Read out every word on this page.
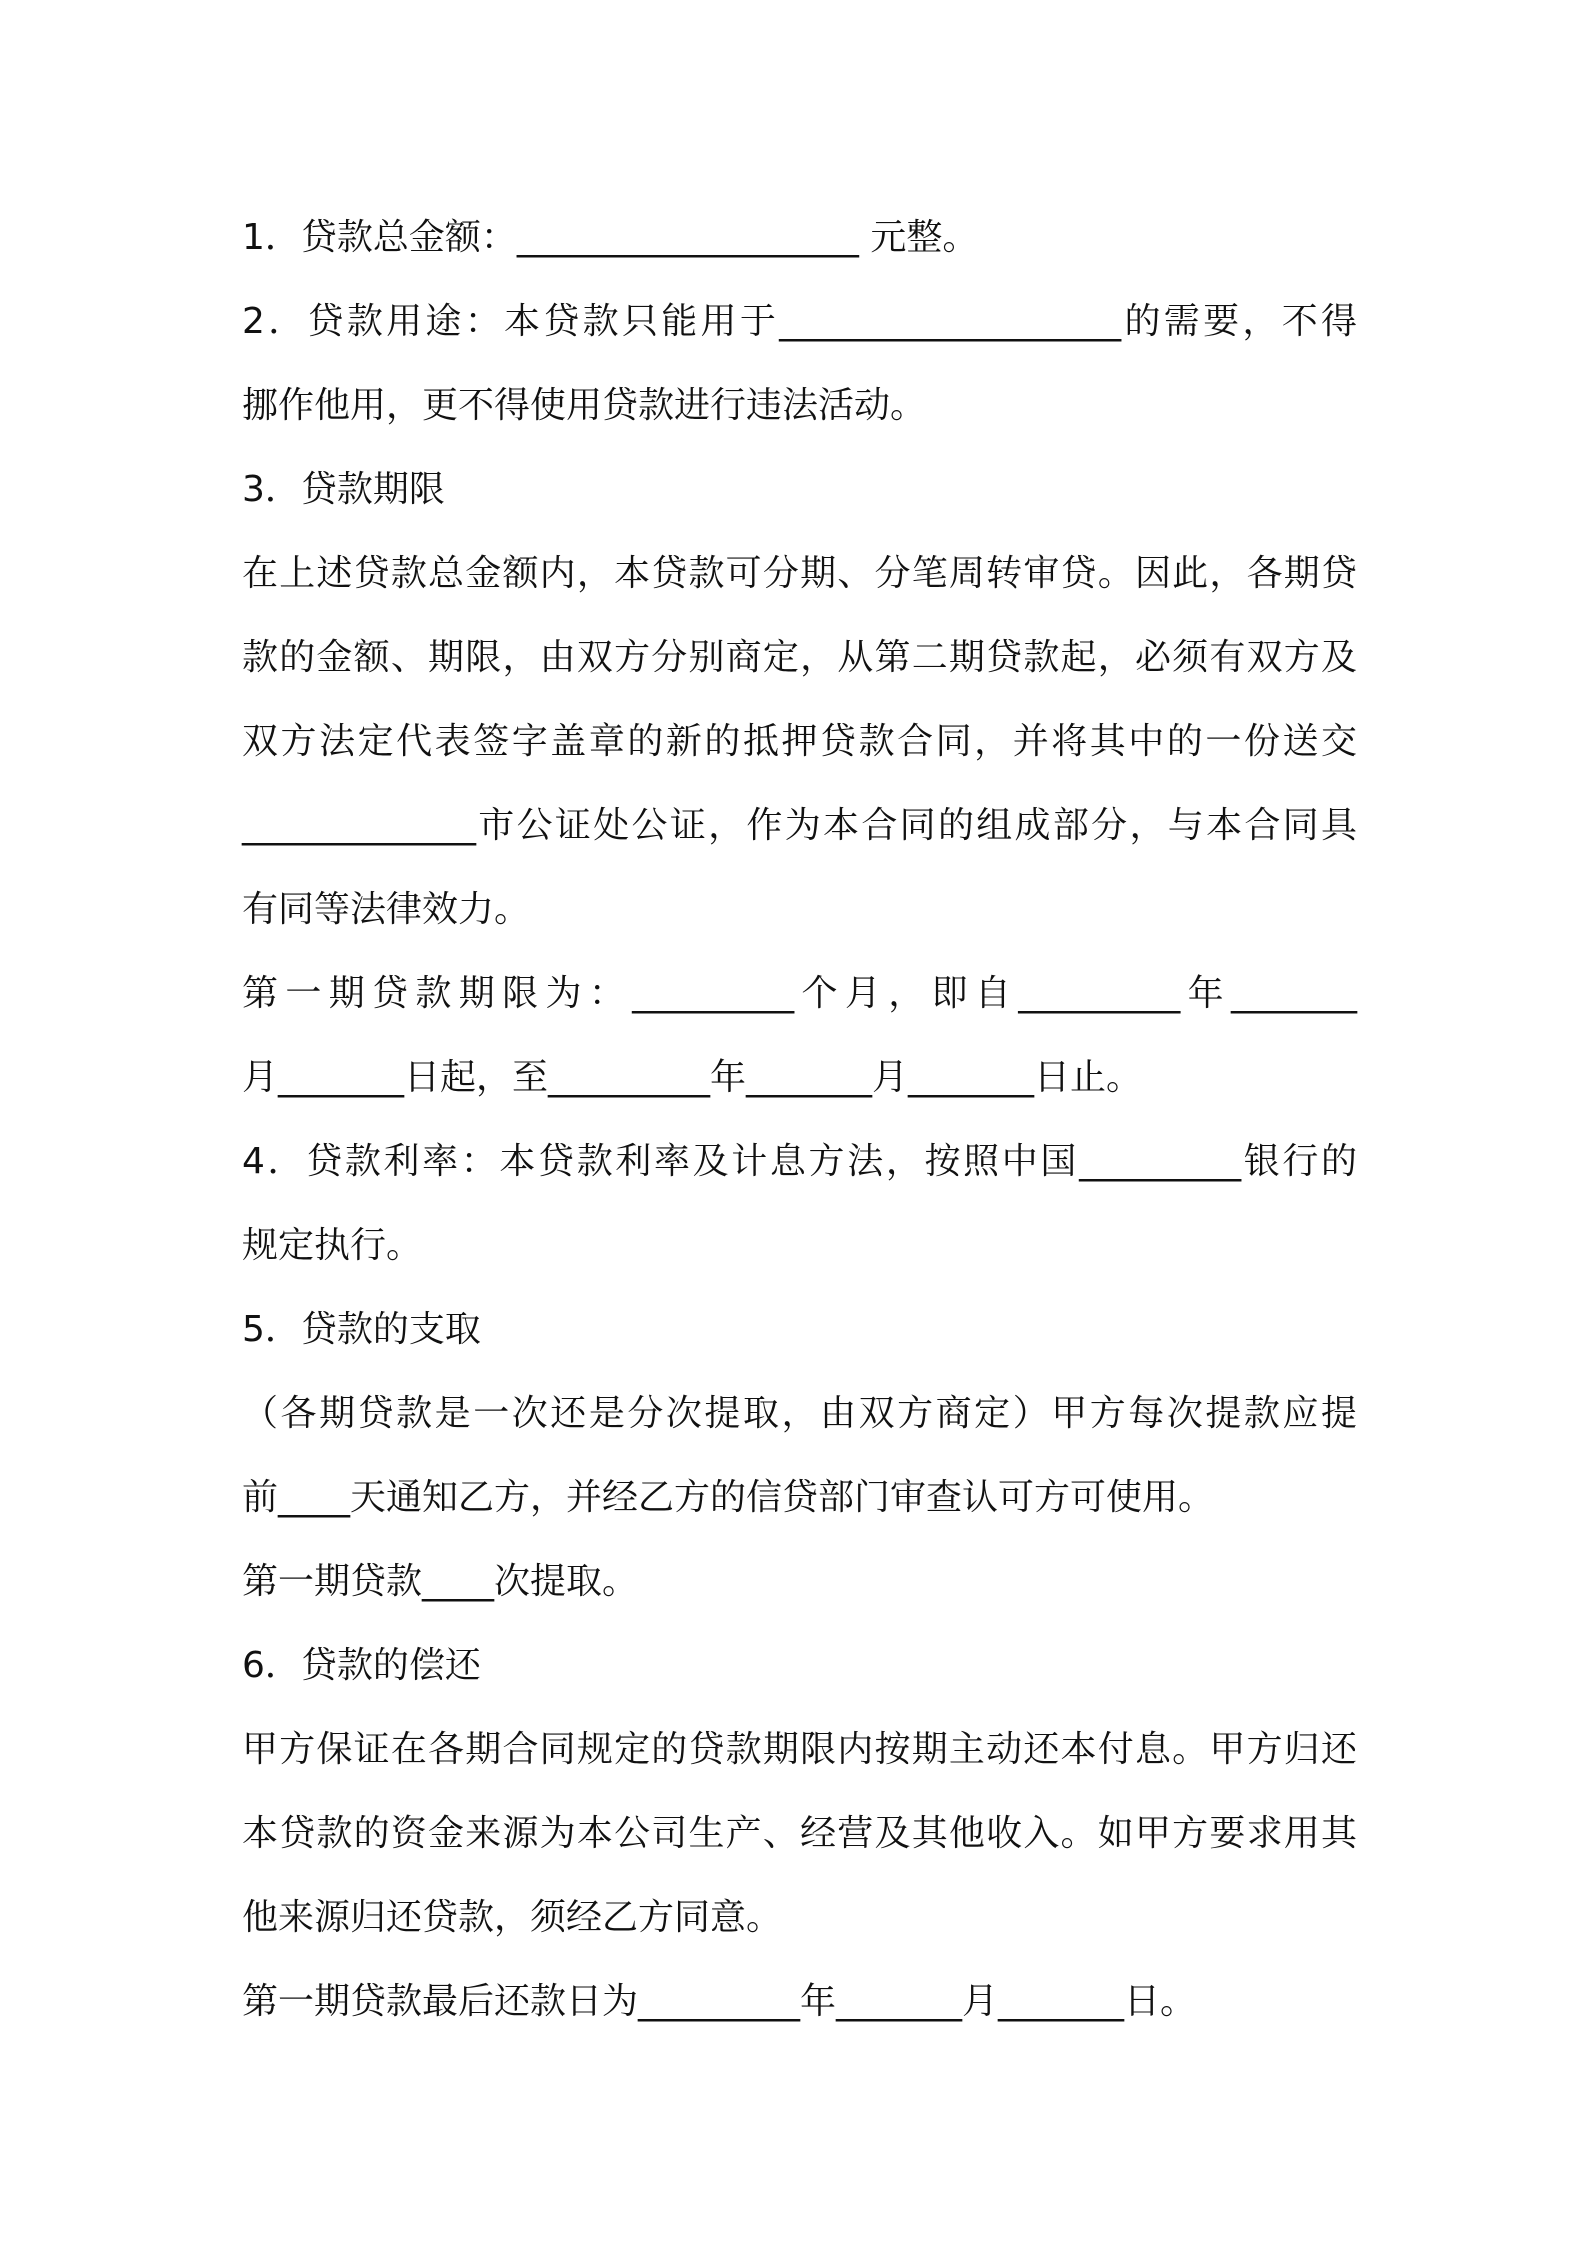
1．贷款总金额：___________________ 元整。
2．贷款用途：本贷款只能用于___________________的需要，不得
挪作他用，更不得使用贷款进行违法活动。
3．贷款期限
在上述贷款总金额内，本贷款可分期、分笔周转审贷。因此，各期贷
款的金额、期限，由双方分别商定，从第二期贷款起，必须有双方及
双方法定代表签字盖章的新的抵押贷款合同，并将其中的一份送交
_____________市公证处公证，作为本合同的组成部分，与本合同具
有同等法律效力。
第一期贷款期限为：_________个月，即自_________年_______
月_______日起，至_________年_______月_______日止。
4．贷款利率：本贷款利率及计息方法，按照中国_________银行的
规定执行。
5．贷款的支取
（各期贷款是一次还是分次提取，由双方商定）甲方每次提款应提
前____天通知乙方，并经乙方的信贷部门审查认可方可使用。
第一期贷款____次提取。
6．贷款的偿还
甲方保证在各期合同规定的贷款期限内按期主动还本付息。甲方归还
本贷款的资金来源为本公司生产、经营及其他收入。如甲方要求用其
他来源归还贷款，须经乙方同意。
第一期贷款最后还款日为_________年_______月_______日。
